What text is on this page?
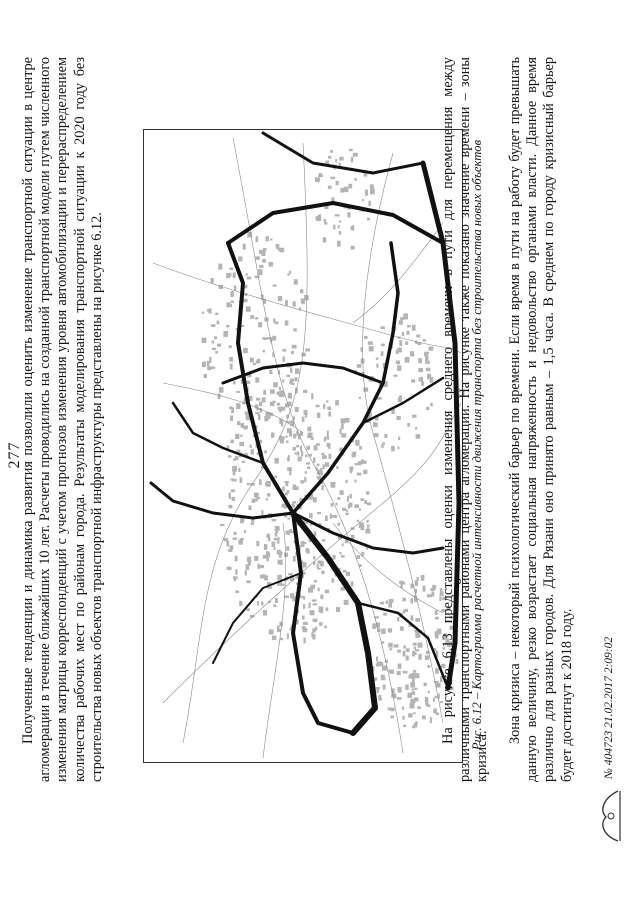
277

Полученные тенденции и динамика развития позволили оценить изменение транспортной ситуации в центре агломерации в течение ближайших 10 лет. Расчеты проводились на созданной транспортной модели путем численного изменения матрицы корреспонденций с учетом прогнозов изменения уровня автомобилизации и перераспределением количества рабочих мест по районам города. Результаты моделирования транспортной ситуации к 2020 году без строительства новых объектов транспортной инфраструктуры представлены на рисунке 6.12.	Рис. 6.12 – Картограмма расчетной интенсивности движения транспорта без строительства новых объектов

На рисунке 6.13 представлены оценки изменения среднего времени в пути для перемещения между различными транспортными районами центра агломерации. На рисунке также показано значение времени – зоны кризиса.

Зона кризиса – некоторый психологический барьер по времени. Если время в пути на работу будет превышать данную величину, резко возрастает социальная напряженность и недовольство органами власти. Данное время различно для разных городов. Для Рязани оно принято равным – 1,5 часа. В среднем по городу кризисный барьер будет достигнут к 2018 году. № 404723 21.02.2017 2:09:02
